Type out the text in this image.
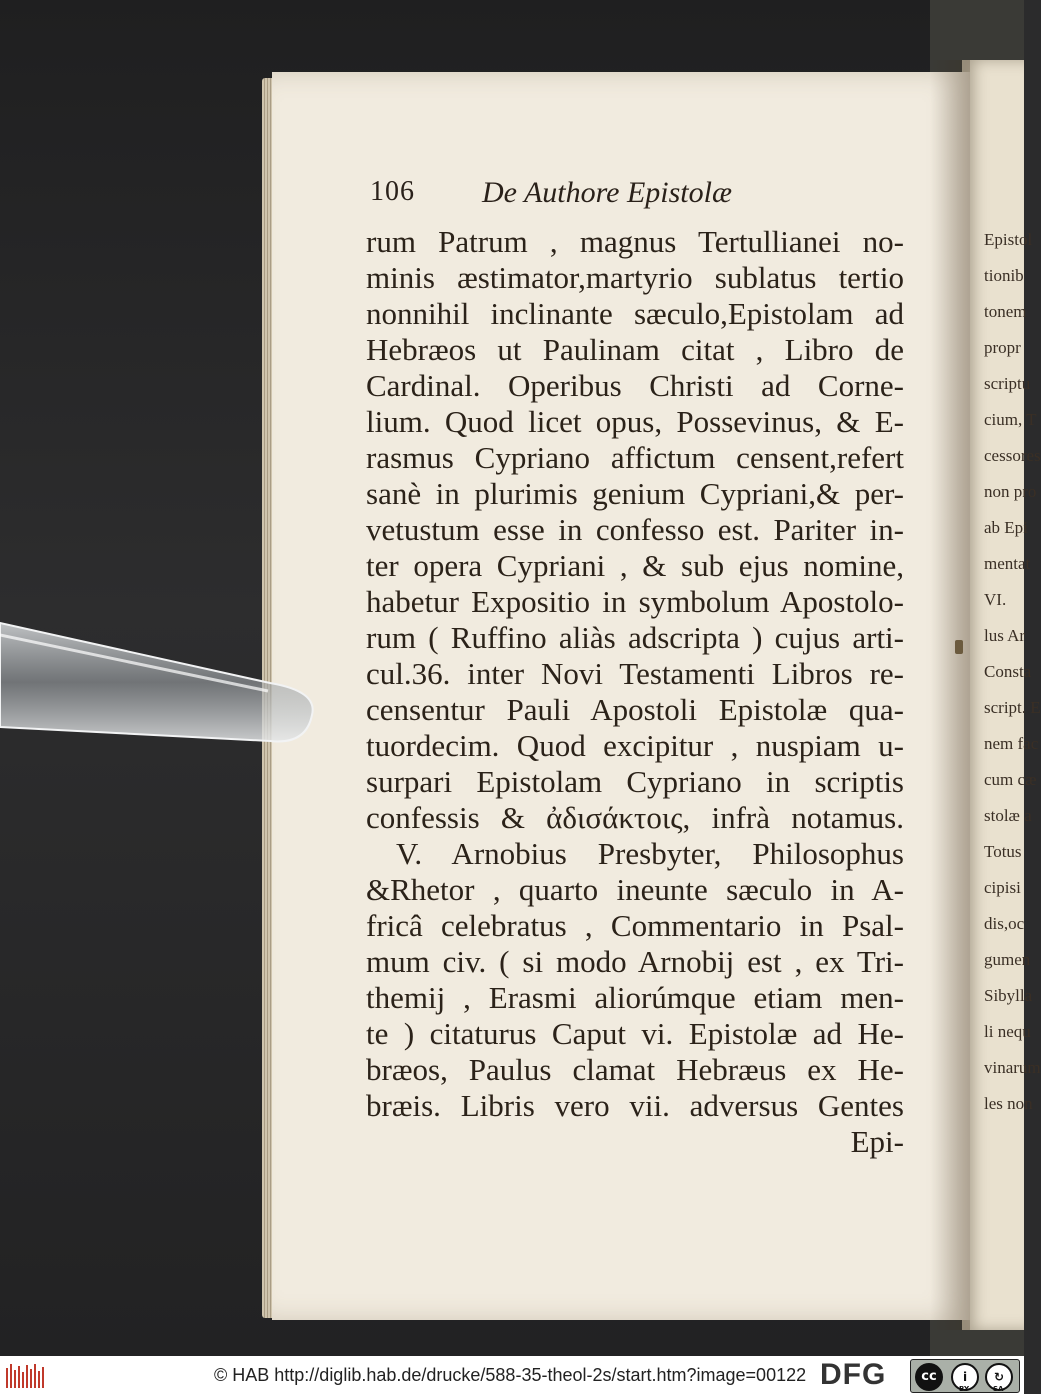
Epistol
tionib
tonem
propr
scriptu
cium, T
cessores
non pro
ab Epi
mentat
VI.
lus Ar
Consta
script. E
nem fac
cum cæ
stolæ a
Totus
cipisi
dis,oc
gumen
Sibylla
li nequ
vinarum
les non
106 De Authore Epistolæ
rum Patrum , magnus Tertullianei no-
minis æstimator,martyrio sublatus tertio
nonnihil inclinante sæculo,Epistolam ad
Hebræos ut Paulinam citat , Libro de
Cardinal. Operibus Christi ad Corne-
lium. Quod licet opus, Possevinus, & E-
rasmus Cypriano affictum censent,refert
sanè in plurimis genium Cypriani,& per-
vetustum esse in confesso est. Pariter in-
ter opera Cypriani , & sub ejus nomine,
habetur Expositio in symbolum Apostolo-
rum ( Ruffino aliàs adscripta ) cujus arti-
cul.36. inter Novi Testamenti Libros re-
censentur Pauli Apostoli Epistolæ qua-
tuordecim. Quod excipitur , nuspiam u-
surpari Epistolam Cypriano in scriptis
confessis & ἀδισάκτοις, infrà notamus.
V. Arnobius Presbyter, Philosophus
&Rhetor , quarto ineunte sæculo in A-
fricâ celebratus , Commentario in Psal-
mum civ. ( si modo Arnobij est , ex Tri-
themij , Erasmi aliorúmque etiam men-
te ) citaturus Caput vi. Epistolæ ad He-
bræos, Paulus clamat Hebræus ex He-
bræis. Libris vero vii. adversus Gentes
Epi-
© HAB http://diglib.hab.de/drucke/588-35-theol-2s/start.htm?image=00122 DFG	cc	i	↻
BY	SA
